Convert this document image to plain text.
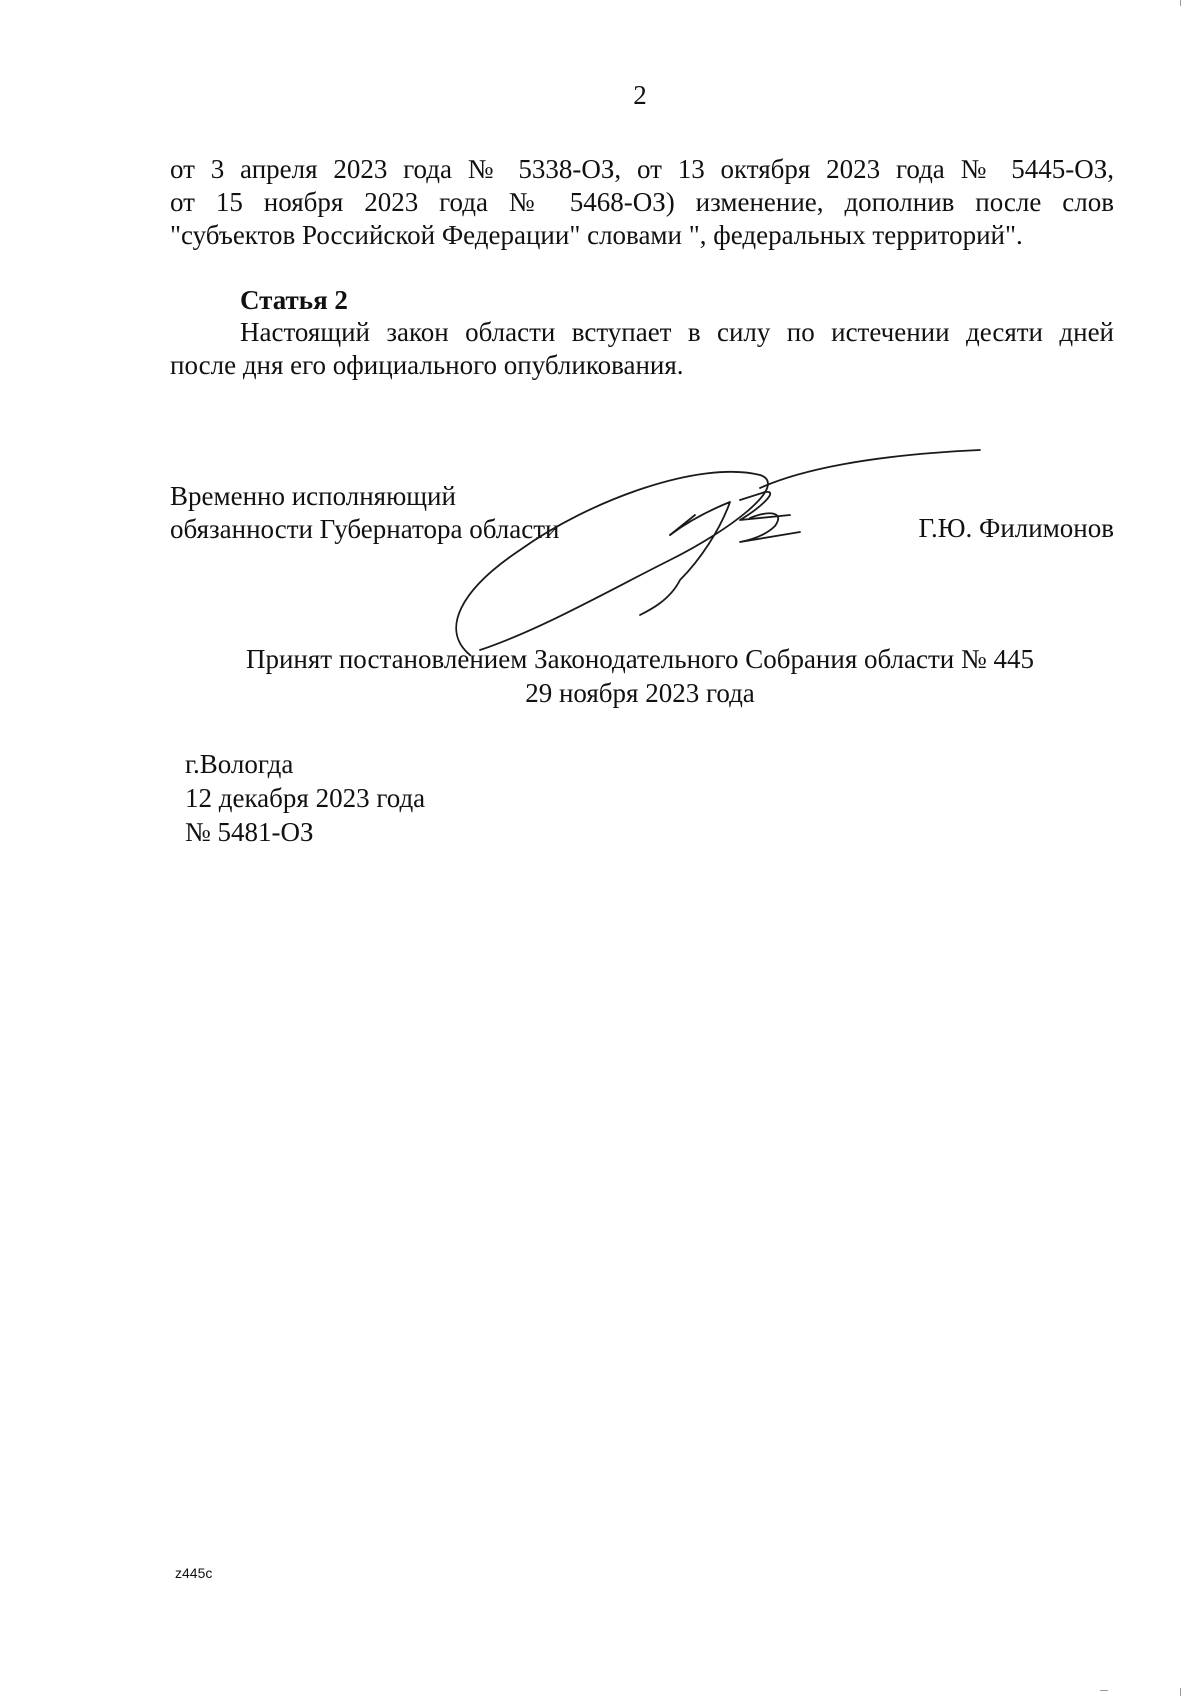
2
от 3 апреля 2023 года № 5338-ОЗ, от 13 октября 2023 года № 5445-ОЗ,
от 15 ноября 2023 года № 5468-ОЗ) изменение, дополнив после слов
"субъектов Российской Федерации" словами ", федеральных территорий".
Статья 2
Настоящий закон области вступает в силу по истечении десяти дней
после дня его официального опубликования.
Временно исполняющий
обязанности Губернатора области	Г.Ю. Филимонов
Принят постановлением Законодательного Собрания области № 445
29 ноября 2023 года
г.Вологда
12 декабря 2023 года
№ 5481-ОЗ
z445c
